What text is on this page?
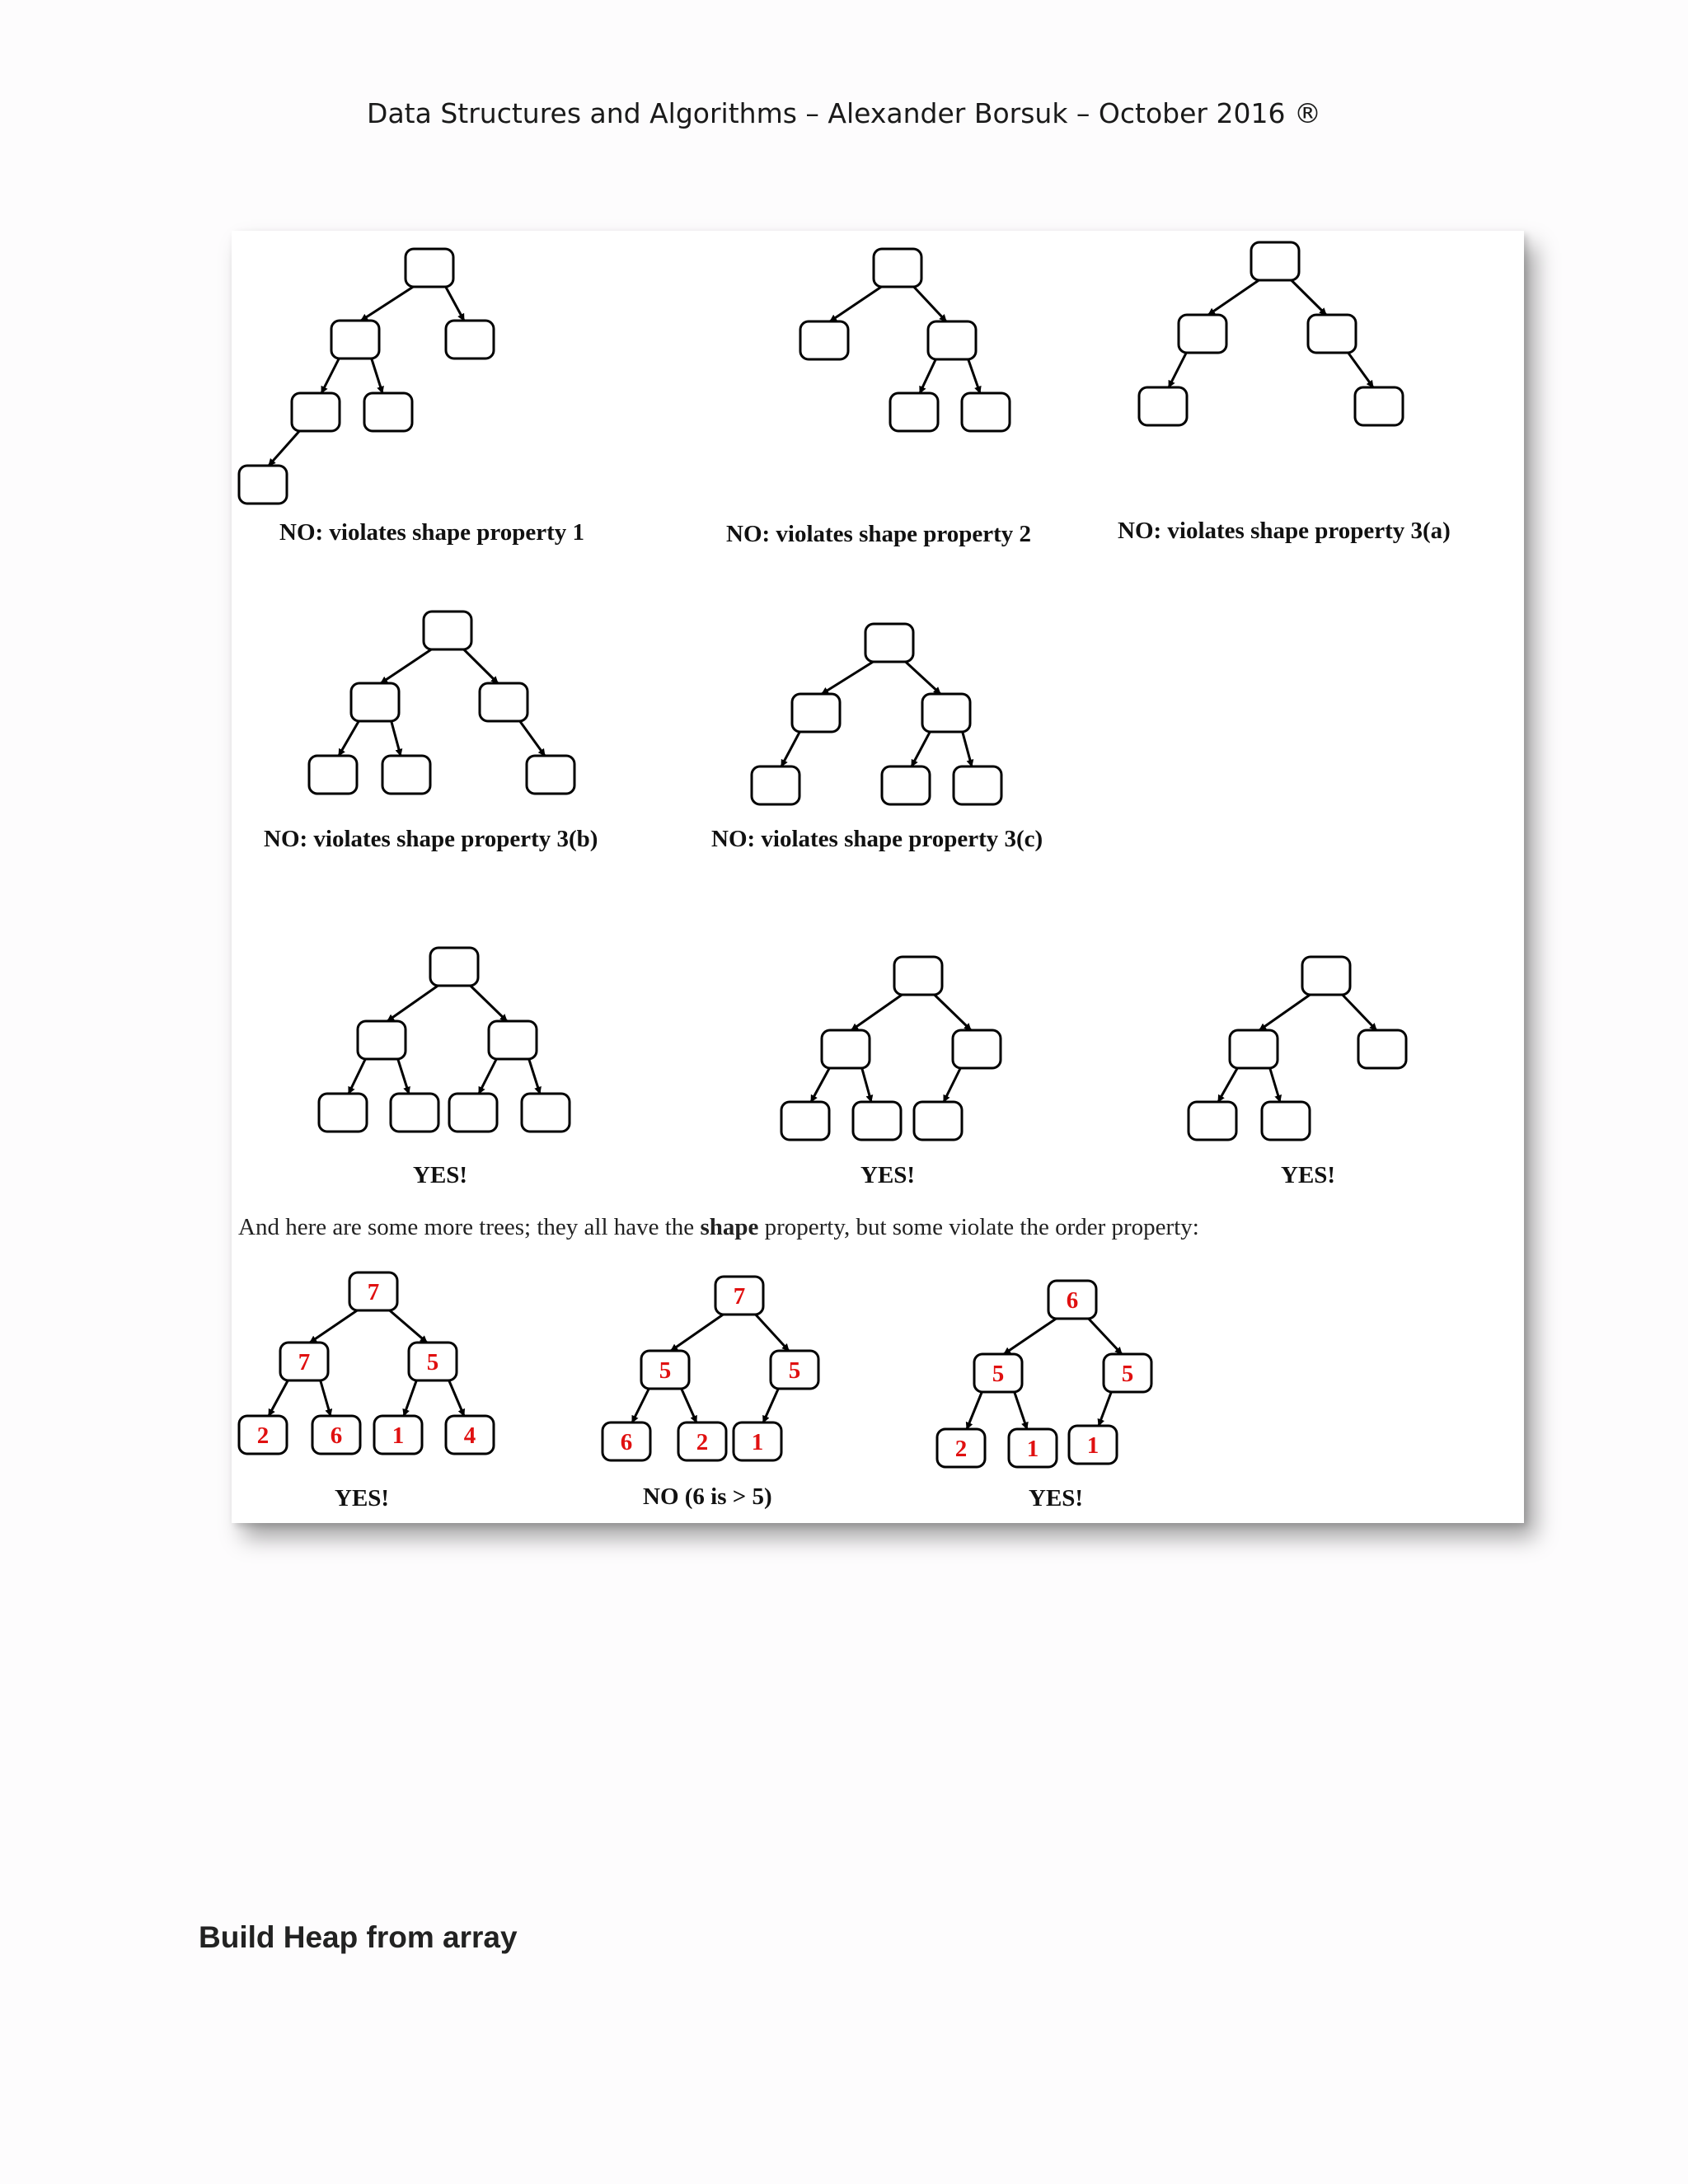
Data Structures and Algorithms – Alexander Borsuk – October 2016 ®
7
7	5
2	6 1	4
7
5	5
6	2 1
6
5	5
2	1 1
NO: violates shape property 1	NO: violates shape property 2	NO: violates shape property 3(a)
NO: violates shape property 3(b)	NO: violates shape property 3(c)
YES!	YES!	YES!
And here are some more trees; they all have the shape property, but some violate the order property:
YES!	NO (6 is > 5)	YES!
Build Heap from array
